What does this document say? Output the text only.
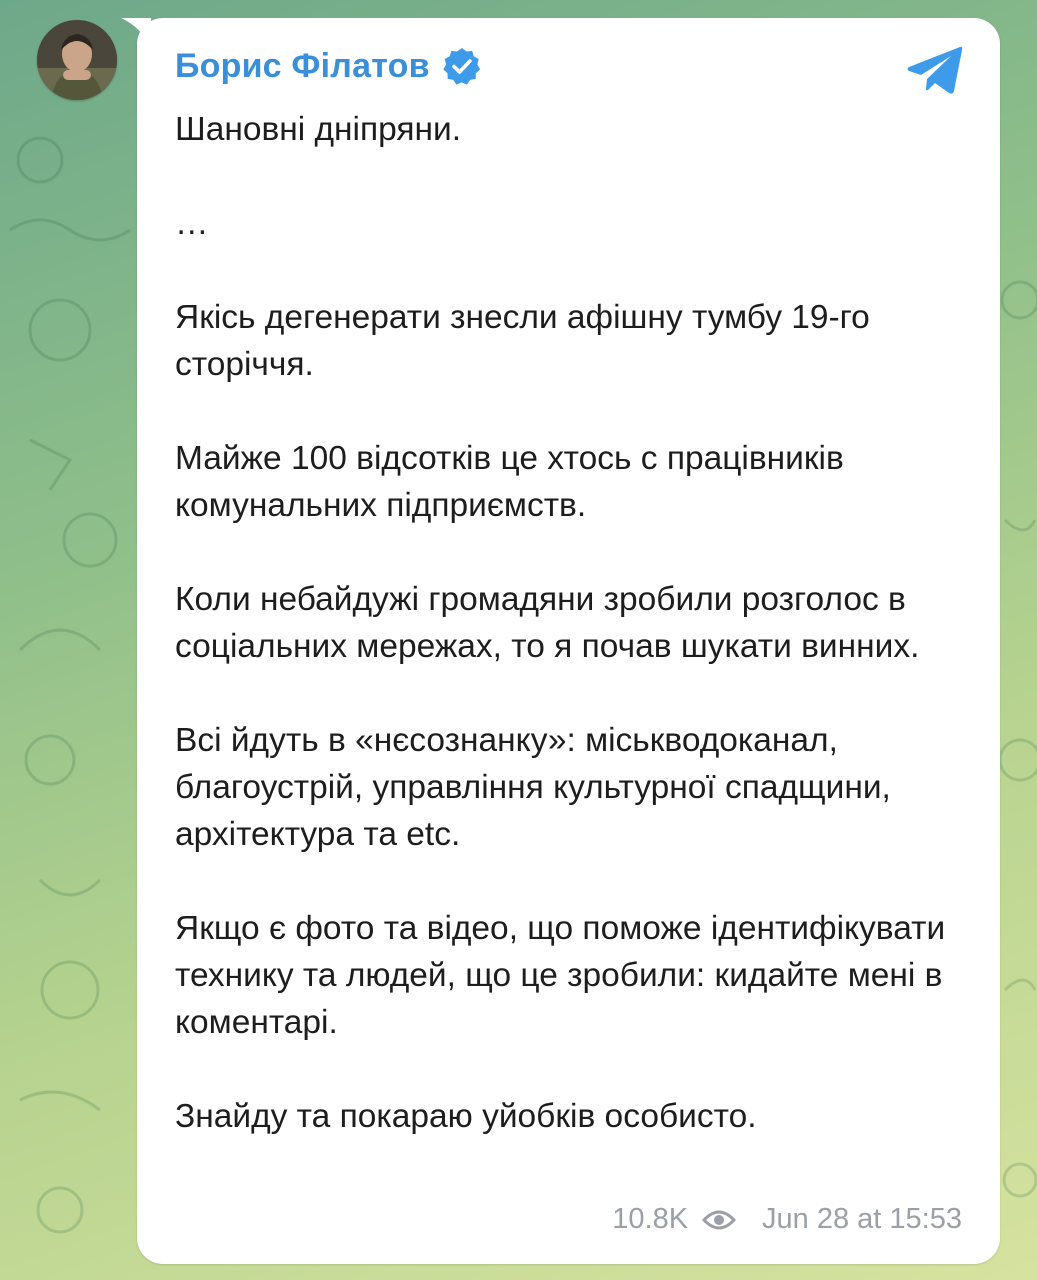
Борис Філатов

Шановні дніпряни.

…

Якісь дегенерати знесли афішну тумбу 19-го сторіччя.

Майже 100 відсотків це хтось с працівників комунальних підприємств.

Коли небайдужі громадяни зробили розголос в соціальних мережах, то я почав шукати винних.

Всі йдуть в «нєсознанку»: міськводоканал, благоустрій, управління культурної спадщини, архітектура та etc.

Якщо є фото та відео, що поможе ідентифікувати технику та людей, що це зробили: кидайте мені в коментарі.

Знайду та покараю уйобків особисто.

10.8K	Jun 28 at 15:53
